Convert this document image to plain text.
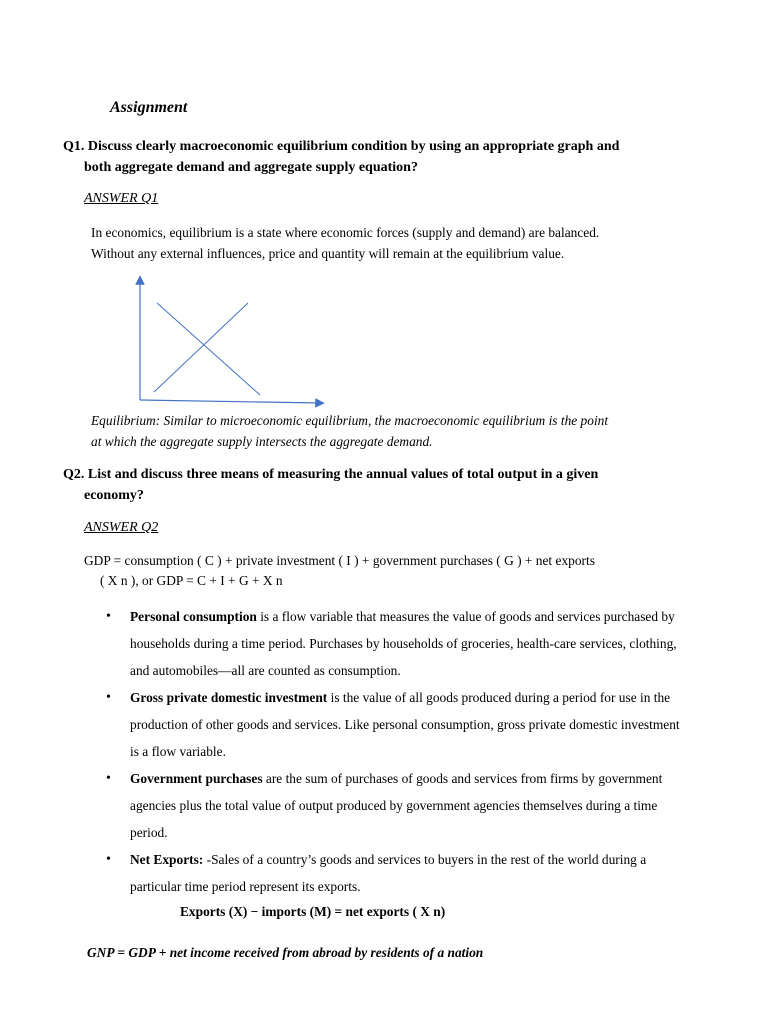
Assignment
Q1. Discuss clearly macroeconomic equilibrium condition by using an appropriate graph and
both aggregate demand and aggregate supply equation?
ANSWER Q1
In economics, equilibrium is a state where economic forces (supply and demand) are balanced.
Without any external influences, price and quantity will remain at the equilibrium value.
Equilibrium: Similar to microeconomic equilibrium, the macroeconomic equilibrium is the point
at which the aggregate supply intersects the aggregate demand.
Q2. List and discuss three means of measuring the annual values of total output in a given
economy?
ANSWER Q2
GDP = consumption ( C ) + private investment ( I ) + government purchases ( G ) + net exports
( X n ), or GDP = C + I + G + X n
• Personal consumption is a flow variable that measures the value of goods and services purchased by households during a time period. Purchases by households of groceries, health-care services, clothing, and automobiles—all are counted as consumption.
• Gross private domestic investment is the value of all goods produced during a period for use in the production of other goods and services. Like personal consumption, gross private domestic investment is a flow variable.
• Government purchases are the sum of purchases of goods and services from firms by government agencies plus the total value of output produced by government agencies themselves during a time period.
• Net Exports: -Sales of a country’s goods and services to buyers in the rest of the world during a particular time period represent its exports.
Exports (X) − imports (M) = net exports ( X n)
GNP = GDP + net income received from abroad by residents of a nation
